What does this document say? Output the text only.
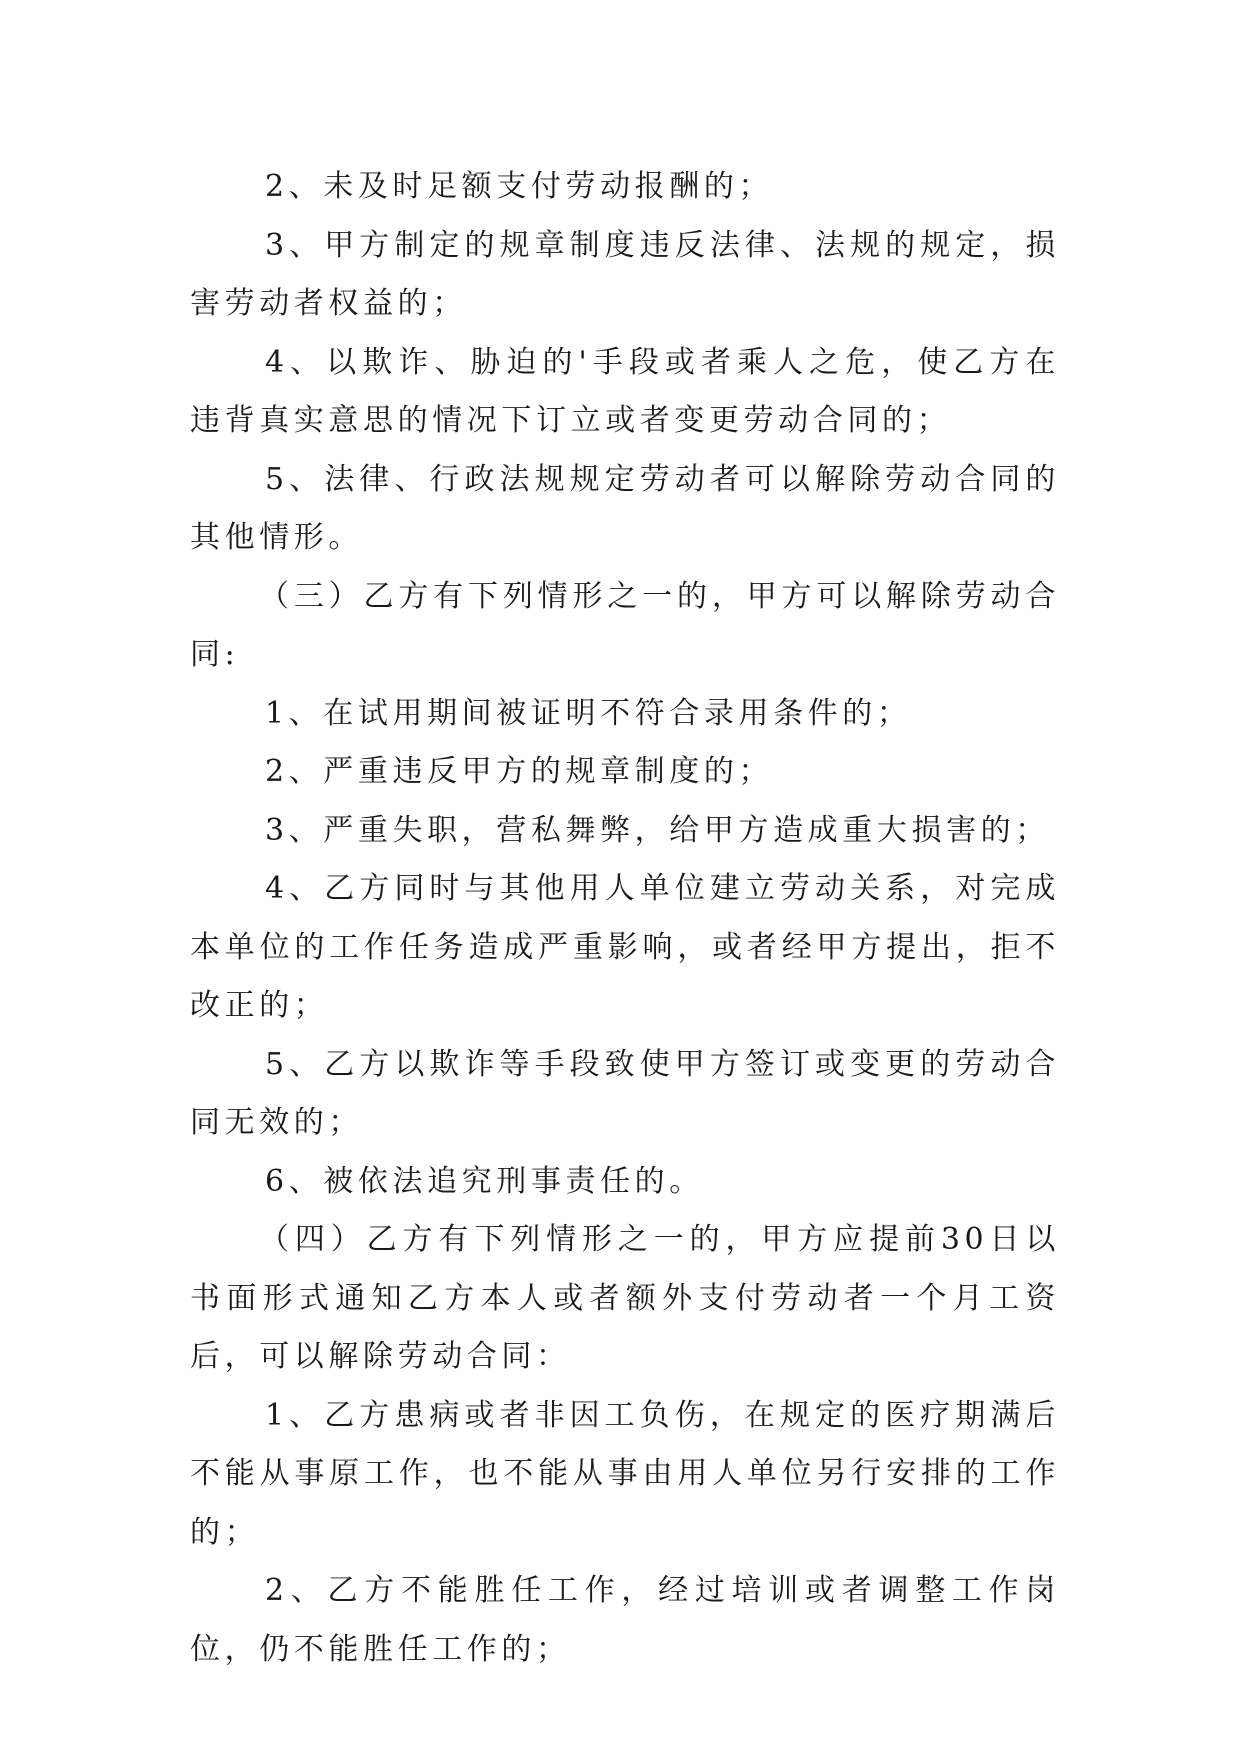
2、未及时足额支付劳动报酬的；

3、甲方制定的规章制度违反法律、法规的规定，损害劳动者权益的；

4、以欺诈、胁迫的'手段或者乘人之危，使乙方在违背真实意思的情况下订立或者变更劳动合同的；

5、法律、行政法规规定劳动者可以解除劳动合同的其他情形。

（三）乙方有下列情形之一的，甲方可以解除劳动合同:

1、在试用期间被证明不符合录用条件的；

2、严重违反甲方的规章制度的；

3、严重失职，营私舞弊，给甲方造成重大损害的；

4、乙方同时与其他用人单位建立劳动关系，对完成本单位的工作任务造成严重影响，或者经甲方提出，拒不改正的；

5、乙方以欺诈等手段致使甲方签订或变更的劳动合同无效的；

6、被依法追究刑事责任的。

（四）乙方有下列情形之一的，甲方应提前30日以书面形式通知乙方本人或者额外支付劳动者一个月工资后，可以解除劳动合同：

1、乙方患病或者非因工负伤，在规定的医疗期满后不能从事原工作，也不能从事由用人单位另行安排的工作的；

2、乙方不能胜任工作，经过培训或者调整工作岗位，仍不能胜任工作的；
